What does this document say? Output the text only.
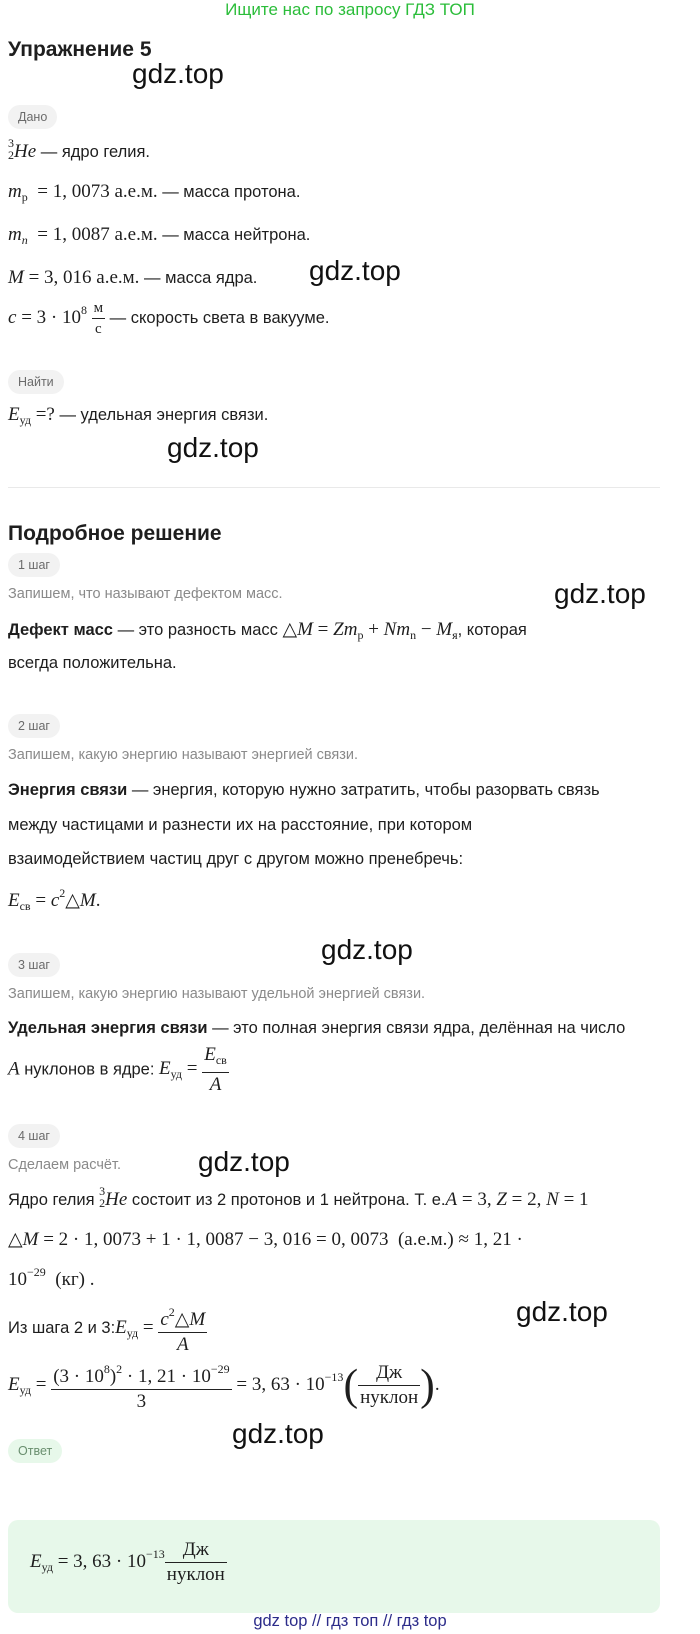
Ищите нас по запросу ГДЗ ТОП
Упражнение 5
gdz.top
Дано
3
2He — ядро гелия.
$m_р = 1$, 0073 а.е.м. — масса протона.
$m_n = 1$, 0087 а.е.м. — масса нейтрона.
gdz.top
M = 3, 016 а.е.м. — масса ядра.
$c = 3 \cdot 10^8 \frac{м}{с}$ — скорость света в вакууме.
Найти
$E_{уд}$ =? — удельная энергия связи.
gdz.top
Подробное решение
1 шаг
Запишем, что называют дефектом масс.	gdz.top
Дефект масс — это разность масс △M = $Zm_р + Nm_n - M_я$, которая
всегда положительна.
2 шаг
Запишем, какую энергию называют энергией связи.
Энергия связи — энергия, которую нужно затратить, чтобы разорвать связь
между частицами и разнести их на расстояние, при котором
взаимодействием частиц друг с другом можно пренебречь:
$E_{св}$ = $c^2\triangle M$.
gdz.top
3 шаг
Запишем, какую энергию называют удельной энергией связи.
Удельная энергия связи — это полная энергия связи ядра, делённая на число
A нуклонов в ядре: $E_{уд} = \frac{E_{св}}{A}$
4 шаг
Сделаем расчёт.	gdz.top
Ядро гелия 3
2He состоит из 2 протонов и 1 нейтрона. Т. е.A = 3, Z = 2, N = 1
△M = 2 · 1, 0073 + 1 · 1, 0087 − 3, 016 = 0, 0073  (а.е.м.) ≈ 1, 21 ·
$10^{-29}$  (кг) .
gdz.top
Из шага 2 и $3:E_{уд} = \frac{c^2\triangle M}{A}$
$E_{уд} = \frac{(3 \cdot 10^8)^2 \cdot 1, 21 \cdot 10^{-29}}{3} = 3$, $63 \cdot 10^{-13}( \frac{Дж}{\text{нуклон}}$ ).
Ответ
gdz.top
$E_{уд} = 3$, $63 \cdot 10^{-13} \frac{Дж}{\text{нуклон}}$
gdz top // гдз топ // гдз top
